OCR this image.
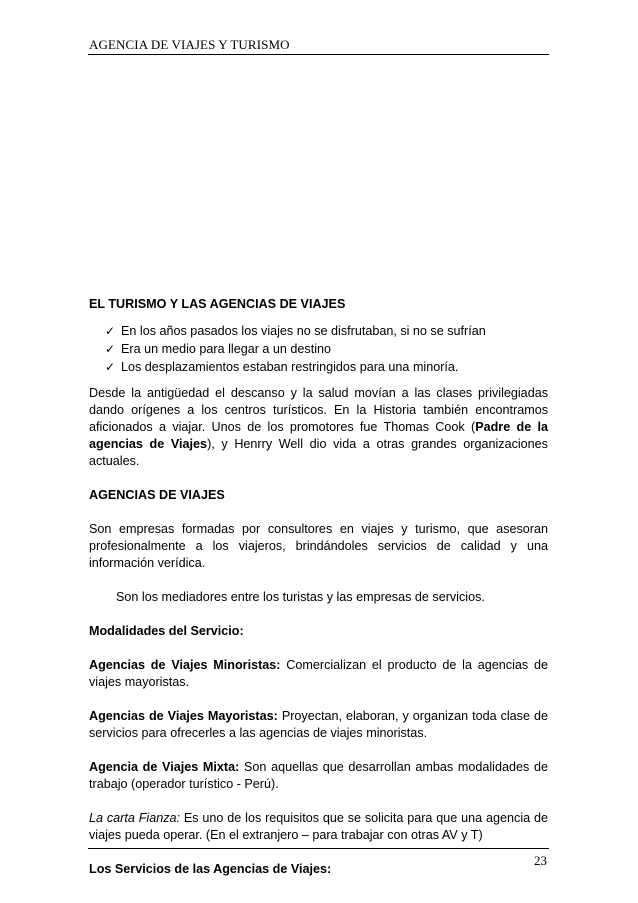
AGENCIA DE VIAJES Y TURISMO

EL TURISMO Y LAS AGENCIAS DE VIAJES

✓ En los años pasados los viajes no se disfrutaban, si no se sufrían
✓ Era un medio para llegar a un destino
✓ Los desplazamientos estaban restringidos para una minoría.

Desde la antigüedad el descanso y la salud movían a las clases privilegiadas dando orígenes a los centros turísticos. En la Historia también encontramos aficionados a viajar. Unos de los promotores fue Thomas Cook (Padre de la agencias de Viajes), y Henrry Well dio vida a otras grandes organizaciones actuales.

AGENCIAS DE VIAJES

Son empresas formadas por consultores en viajes y turismo, que asesoran profesionalmente a los viajeros, brindándoles servicios de calidad y una información verídica.

Son los mediadores entre los turistas y las empresas de servicios.

Modalidades del Servicio:

Agencias de Viajes Minoristas: Comercializan el producto de la agencias de viajes mayoristas.

Agencias de Viajes Mayoristas: Proyectan, elaboran, y organizan toda clase de servicios para ofrecerles a las agencias de viajes minoristas.

Agencia de Viajes Mixta: Son aquellas que desarrollan ambas modalidades de trabajo (operador turístico - Perú).

La carta Fianza: Es uno de los requisitos que se solicita para que una agencia de viajes pueda operar. (En el extranjero – para trabajar con otras AV y T)

Los Servicios de las Agencias de Viajes:

23
